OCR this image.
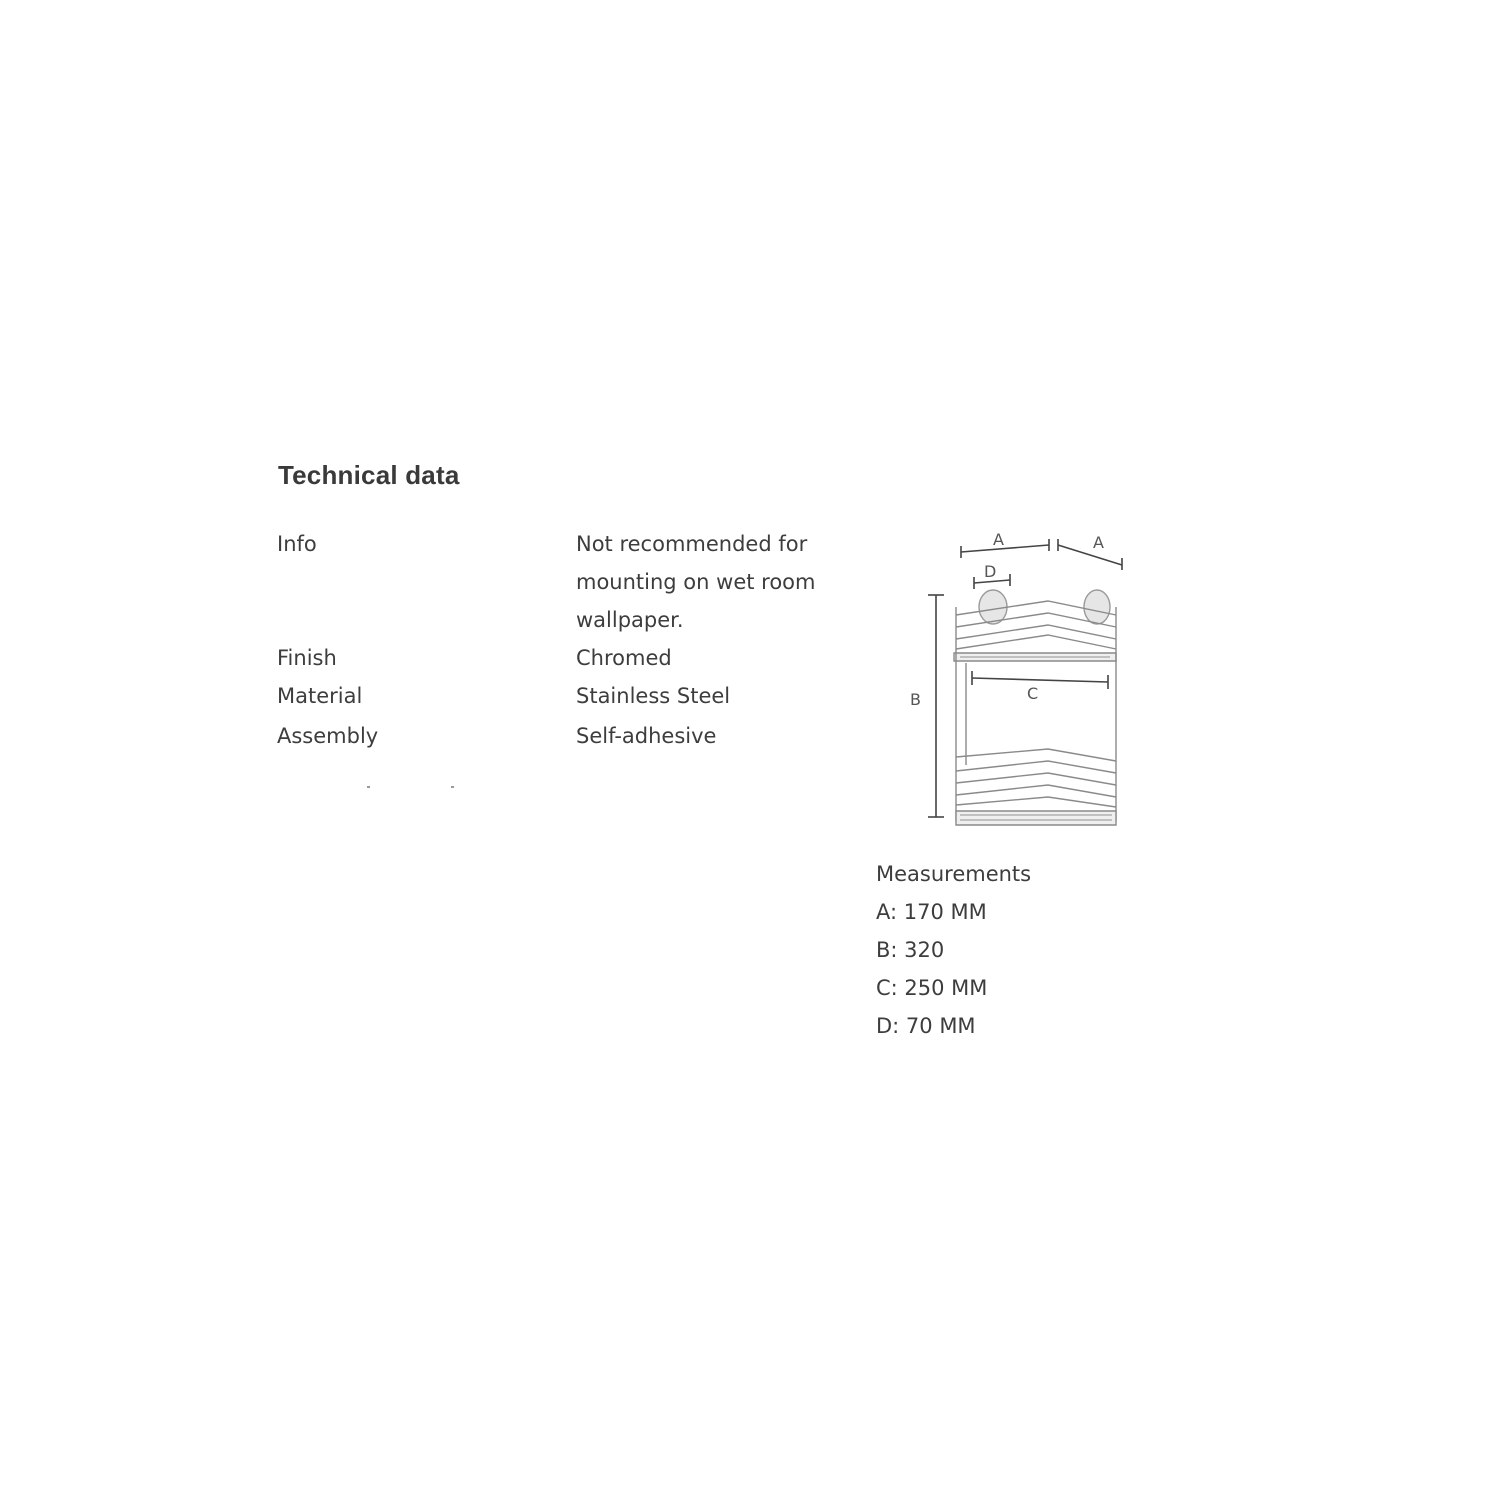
Technical data
Info	Not recommended for mounting on wet room wallpaper.
Finish	Chromed
Material	Stainless Steel
Assembly	Self-adhesive
A	A
D
B	C
Measurements
A: 170 MM
B: 320
C: 250 MM
D: 70 MM
